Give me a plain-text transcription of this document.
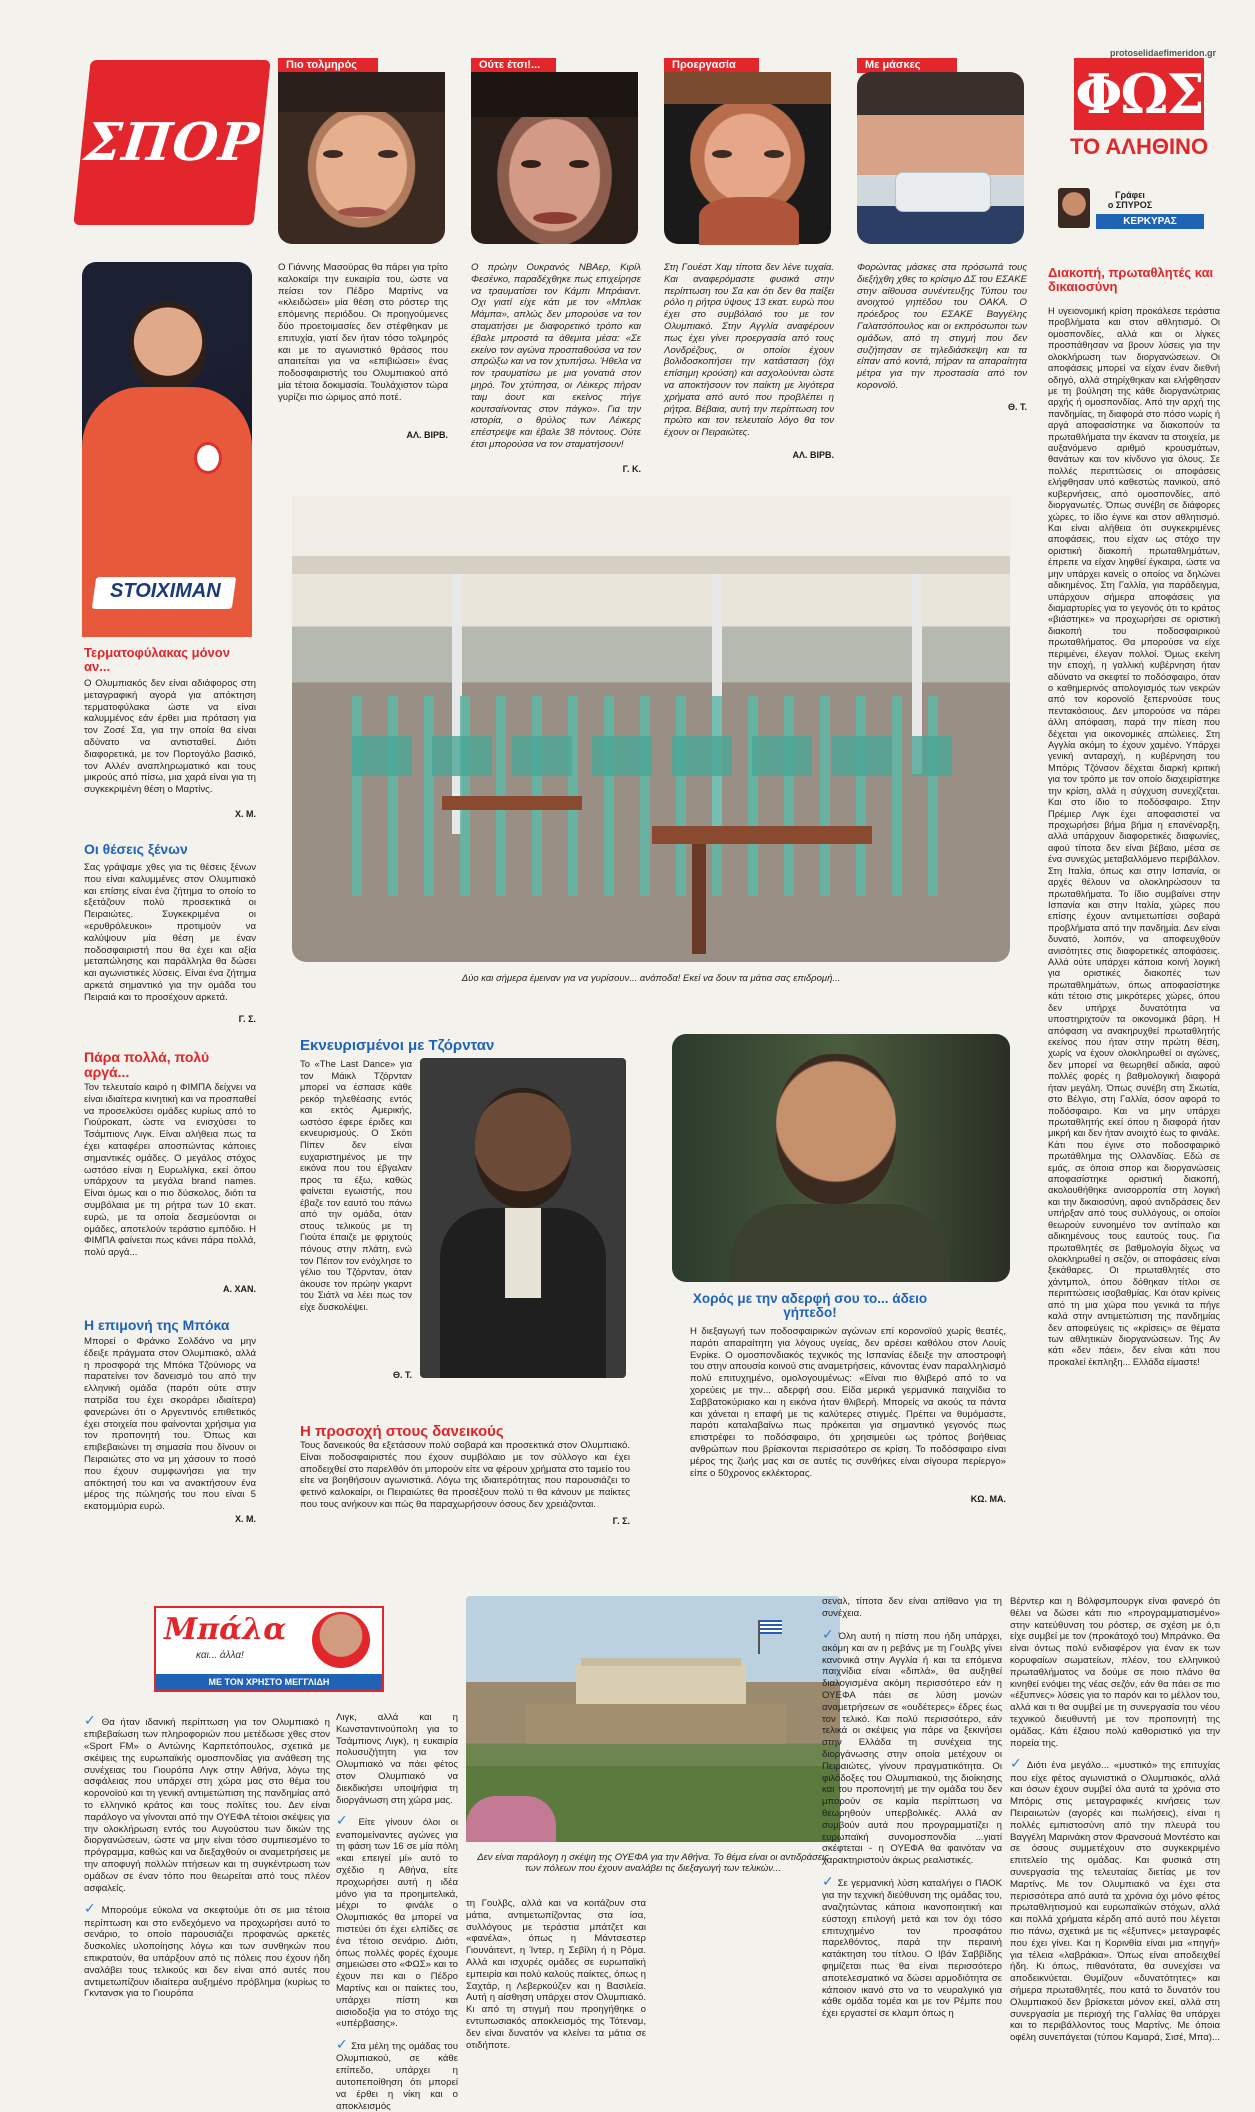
protoselidaefimeridon.gr
ΣΠΟΡ
Πιο τολμηρός	Ούτε έτσι!...	Προεργασία	Με μάσκες	ΦΩΣ
ΤΟ ΑΛΗΘΙΝΟ
Γράφει
ο ΣΠΥΡΟΣ
ΚΕΡΚΥΡΑΣ
Διακοπή, πρωταθλητές και δικαιοσύνη
Η υγειονομική κρίση προκάλεσε τεράστια προβλήματα και στον αθλητισμό. Οι ομοσπονδίες, αλλά και οι λίγκες προσπάθησαν να βρουν λύσεις για την ολοκλήρωση των διοργανώσεων. Οι αποφάσεις μπορεί να είχαν έναν διεθνή οδηγό, αλλά στηρίχθηκαν και ελήφθησαν με τη βούληση της κάθε διοργανώτριας αρχής ή ομοσπονδίας. Από την αρχή της πανδημίας, τη διαφορά στο πόσο νωρίς ή αργά αποφασίστηκε να διακοπούν τα πρωταθλήματα την έκαναν τα στοιχεία, με αυξανόμενο αριθμό κρουσμάτων, θανάτων και τον κίνδυνο για όλους. Σε πολλές περιπτώσεις οι αποφάσεις ελήφθησαν υπό καθεστώς πανικού, από κυβερνήσεις, από ομοσπονδίες, από διοργανωτές. Όπως συνέβη σε διάφορες χώρες, το ίδιο έγινε και στον αθλητισμό. Και είναι αλήθεια ότι συγκεκριμένες αποφάσεις, που είχαν ως στόχο την οριστική διακοπή πρωταθλημάτων, έπρεπε να είχαν ληφθεί έγκαιρα, ώστε να μην υπάρχει κανείς ο οποίος να δηλώνει αδικημένος. Στη Γαλλία, για παράδειγμα, υπάρχουν σήμερα αποφάσεις για διαμαρτυρίες για το γεγονός ότι το κράτος «βιάστηκε» να προχωρήσει σε οριστική διακοπή του ποδοσφαιρικού πρωταθλήματος. Θα μπορούσε να είχε περιμένει, έλεγαν πολλοί. Όμως εκείνη την εποχή, η γαλλική κυβέρνηση ήταν αδύνατο να σκεφτεί το ποδόσφαιρο, όταν ο καθημερινός απολογισμός των νεκρών από τον κορονοϊό ξεπερνούσε τους πεντακόσιους. Δεν μπορούσε να πάρει άλλη απόφαση, παρά την πίεση που δέχεται για οικονομικές απώλειες. Στη Αγγλία ακόμη το έχουν χαμένο. Υπάρχει γενική ανταραχή, η κυβέρνηση του Μπόρις Τζόνσον δέχεται διαρκή κριτική για τον τρόπο με τον οποίο διαχειρίστηκε την κρίση, αλλά η σύγχυση συνεχίζεται. Και στο ίδιο το ποδόσφαιρο. Στην Πρέμιερ Λιγκ έχει αποφασιστεί να προχωρήσει βήμα βήμα η επανέναρξη, αλλά υπάρχουν διαφορετικές διαφωνίες, αφού τίποτα δεν είναι βέβαιο, μέσα σε ένα συνεχώς μεταβαλλόμενο περιβάλλον. Στη Ιταλία, όπως και στην Ισπανία, οι αρχές θέλουν να ολοκληρώσουν τα πρωταθλήματα. Το ίδιο συμβαίνει στην Ισπανία και στην Ιταλία, χώρες που επίσης έχουν αντιμετωπίσει σοβαρά προβλήματα από την πανδημία. Δεν είναι δυνατό, λοιπόν, να αποφευχθούν ανισότητες στις διαφορετικές αποφάσεις. Αλλά ούτε υπάρχει κάποια κοινή λογική για οριστικές διακοπές των πρωταθλημάτων, όπως αποφασίστηκε κάτι τέτοιο στις μικρότερες χώρες, όπου δεν υπήρχε δυνατότητα να υποστηριχτούν τα οικονομικά βάρη. Η απόφαση να ανακηρυχθεί πρωταθλητής εκείνος που ήταν στην πρώτη θέση, χωρίς να έχουν ολοκληρωθεί οι αγώνες, δεν μπορεί να θεωρηθεί αδικία, αφού πολλές φορές η βαθμολογική διαφορά ήταν μεγάλη. Όπως συνέβη στη Σκωτία, στο Βέλγιο, στη Γαλλία, όσον αφορά το ποδόσφαιρο. Και να μην υπάρχει πρωταθλητής εκεί όπου η διαφορά ήταν μικρή και δεν ήταν ανοιχτό έως το φινάλε. Κάτι που έγινε στο ποδοσφαιρικό πρωτάθλημα της Ολλανδίας. Εδώ σε εμάς, σε όποια σπορ και διοργανώσεις αποφασίστηκε οριστική διακοπή, ακολουθήθηκε ανισορροπία στη λογική και την δικαιοσύνη, αφού αντιδράσεις δεν υπήρξαν από τους συλλόγους, οι οποίοι θεωρούν ευνοημένο τον αντίπαλο και αδικημένους τους εαυτούς τους. Για πρωταθλητές σε βαθμολογία δίχως να ολοκληρωθεί η σεζόν, οι αποφάσεις είναι ξεκάθαρες. Οι πρωταθλητές στο χάντμπολ, όπου δόθηκαν τίτλοι σε περιπτώσεις ισοβαθμίας. Και όταν κρίνεις από τη μια χώρα που γενικά τα πήγε καλά στην αντιμετώπιση της πανδημίας δεν αποφεύγεις τις «κρίσεις» σε θέματα των αθλητικών διοργανώσεων. Της Αν κάτι «δεν πάει», δεν είναι κάτι που προκαλεί έκπληξη... Ελλάδα είμαστε!
STOIXIMAN
Τερματοφύλακας μόνον αν...
Ο Ολυμπιακός δεν είναι αδιάφορος στη μεταγραφική αγορά για απόκτηση τερματοφύλακα ώστε να είναι καλυμμένος εάν έρθει μια πρόταση για τον Ζοσέ Σα, για την οποία θα είναι αδύνατο να αντισταθεί. Διότι διαφορετικά, με τον Πορτογάλο βασικό, τον Αλλέν αναπληρωματικό και τους μικρούς από πίσω, μια χαρά είναι για τη συγκεκριμένη θέση ο Μαρτίνς.
Χ. Μ.
Οι θέσεις ξένων
Σας γράψαμε χθες για τις θέσεις ξένων που είναι καλυμμένες στον Ολυμπιακό και επίσης είναι ένα ζήτημα το οποίο το εξετάζουν πολύ προσεκτικά οι Πειραιώτες. Συγκεκριμένα οι «ερυθρόλευκοι» προτιμούν να καλύψουν μία θέση με έναν ποδοσφαιριστή που θα έχει και αξία μεταπώλησης και παράλληλα θα δώσει και αγωνιστικές λύσεις. Είναι ένα ζήτημα αρκετά σημαντικό για την ομάδα του Πειραιά και το προσέχουν αρκετά.
Γ. Σ.
Πάρα πολλά, πολύ αργά...
Τον τελευταίο καιρό η ΦΙΜΠΑ δείχνει να είναι ιδιαίτερα κινητική και να προσπαθεί να προσελκύσει ομάδες κυρίως από το Γιούροκαπ, ώστε να ενισχύσει το Τσάμπιονς Λιγκ. Είναι αλήθεια πως τα έχει καταφέρει αποσπώντας κάποιες σημαντικές ομάδες. Ο μεγάλος στόχος ωστόσο είναι η Ευρωλίγκα, εκεί όπου υπάρχουν τα μεγάλα brand names. Είναι όμως και ο πιο δύσκολος, διότι τα συμβόλαια με τη ρήτρα των 10 εκατ. ευρώ, με τα οποία δεσμεύονται οι ομάδες, αποτελούν τεράστιο εμπόδιο. Η ΦΙΜΠΑ φαίνεται πως κάνει πάρα πολλά, πολύ αργά...
Α. ΧΑΝ.
Η επιμονή της Μπόκα
Μπορεί ο Φράνκο Σολδάνο να μην έδειξε πράγματα στον Ολυμπιακό, αλλά η προσφορά της Μπόκα Τζούνιορς να παρατείνει τον δανεισμό του από την ελληνική ομάδα (παρότι ούτε στην πατρίδα του έχει σκοράρει ιδιαίτερα) φανερώνει ότι ο Αργεντινός επιθετικός έχει στοιχεία που φαίνονται χρήσιμα για τον προπονητή του. Όπως και επιβεβαιώνει τη σημασία που δίνουν οι Πειραιώτες στο να μη χάσουν το ποσό που έχουν συμφωνήσει για την απόκτησή του και να ανακτήσουν ένα μέρος της πώλησής του που είναι 5 εκατομμύρια ευρώ.
Χ. Μ.
Ο Γιάννης Μασούρας θα πάρει για τρίτο καλοκαίρι την ευκαιρία του, ώστε να πείσει τον Πέδρο Μαρτίνς να «κλειδώσει» μία θέση στο ρόστερ της επόμενης περιόδου. Οι προηγούμενες δύο προετοιμασίες δεν στέφθηκαν με επιτυχία, γιατί δεν ήταν τόσο τολμηρός και με το αγωνιστικό θράσος που απαιτείται για να «επιβιώσει» ένας ποδοσφαιριστής του Ολυμπιακού από μία τέτοια δοκιμασία. Τουλάχιστον τώρα γυρίζει πιο ώριμος από ποτέ.
ΑΛ. ΒΙΡΒ.
Ο πρώην Ουκρανός ΝΒΑερ, Κιρίλ Φεσένκο, παραδέχθηκε πως επιχείρησε να τραυματίσει τον Κάμπι Μπράιαντ. Οχι γιατί είχε κάτι με τον «Μπλακ Μάμπα», απλώς δεν μπορούσε να τον σταματήσει με διαφορετικό τρόπο και έβαλε μπροστά τα άθεμιτα μέσα: «Σε εκείνο τον αγώνα προσπαθούσα να τον σπρώξω και να τον χτυπήσω. Ήθελα να τον τραυματίσω με μια γονατιά στον μηρό. Τον χτύπησα, οι Λέικερς πήραν ταιμ άουτ και εκείνος πήγε κουτσαίνοντας στον πάγκο». Για την ιστορία, ο θρύλος των Λέικερς επέστρεψε και έβαλε 38 πόντους. Ούτε έτσι μπορούσα να τον σταματήσουν!
Γ. Κ.
Στη Γουέστ Χαμ τίποτα δεν λένε τυχαία. Και αναφερόμαστε φυσικά στην περίπτωση του Σα και ότι δεν θα παίξει ρόλο η ρήτρα ύψους 13 εκατ. ευρώ που έχει στο συμβόλαιό του με τον Ολυμπιακό. Στην Αγγλία αναφέρουν πως έχει γίνει προεργασία από τους Λονδρέζους, οι οποίοι έχουν βολιδοσκοπήσει την κατάσταση (όχι επίσημη κρούση) και ασχολούνται ώστε να αποκτήσουν τον παίκτη με λιγότερα χρήματα από αυτό που προβλέπει η ρήτρα. Βέβαια, αυτή την περίπτωση τον πρώτο και τον τελευταίο λόγο θα τον έχουν οι Πειραιώτες.
ΑΛ. ΒΙΡΒ.
Φορώντας μάσκες στα πρόσωπά τους διεξήχθη χθες το κρίσιμο ΔΣ του ΕΣΑΚΕ στην αίθουσα συνέντευξης Τύπου του ανοιχτού γηπέδου του ΟΑΚΑ. Ο πρόεδρος του ΕΣΑΚΕ Βαγγέλης Γαλατσόπουλος και οι εκπρόσωποι των ομάδων, από τη στιγμή που δεν συζήτησαν σε τηλεδιάσκεψη και τα είπαν από κοντά, πήραν τα απαραίτητα μέτρα για την προστασία από τον κορονοϊό.
Θ. Τ.
Δύο και σήμερα έμειναν για να γυρίσουν... ανάποδα! Εκεί να δουν τα μάτια σας επιδρομή...
Εκνευρισμένοι με Τζόρνταν
Το «The Last Dance» για τον Μάικλ Τζόρνταν μπορεί να έσπασε κάθε ρεκόρ τηλεθέασης εντός και εκτός Αμερικής, ωστόσο έφερε έριδες και εκνευρισμούς. Ο Σκότι Πίπεν δεν είναι ευχαριστημένος με την εικόνα που του έβγαλαν προς τα έξω, καθώς φαίνεται εγωιστής, που έβαζε τον εαυτό του πάνω από την ομάδα, όταν στους τελικούς με τη Γιούτα έπαιζε με φριχτούς πόνους στην πλάτη, ενώ τον Πέιτον τον ενόχλησε το γέλιο του Τζόρνταν, όταν άκουσε τον πρώην γκαρντ του Σιάτλ να λέει πως τον είχε δυσκολέψει.
Θ. Τ.
Χορός με την αδερφή σου το... άδειο γήπεδο!
Η διεξαγωγή των ποδοσφαιρικών αγώνων επί κορονοϊού χωρίς θεατές, παρότι απαραίτητη για λόγους υγείας, δεν αρέσει καθόλου στον Λουίς Ενρίκε. Ο ομοσπονδιακός τεχνικός της Ισπανίας έδειξε την αποστροφή του στην απουσία κοινού στις αναμετρήσεις, κάνοντας έναν παραλληλισμό πολύ επιτυχημένο, ομολογουμένως: «Είναι πιο θλιβερό από το να χορεύεις με την... αδερφή σου. Είδα μερικά γερμανικά παιχνίδια το Σαββατοκύριακο και η εικόνα ήταν θλιβερή. Μπορείς να ακούς τα πάντα και χάνεται η επαφή με τις καλύτερες στιγμές. Πρέπει να θυμόμαστε, παρότι καταλαβαίνω πως πρόκειται για σημαντικό γεγονός πως επιστρέφει το ποδόσφαιρο, ότι χρησιμεύει ως τρόπος βοήθειας ανθρώπων που βρίσκονται περισσότερο σε κρίση. Το ποδόσφαιρο είναι μέρος της ζωής μας και σε αυτές τις συνθήκες είναι σίγουρα περίεργο» είπε ο 50χρονος εκλέκτορας.
ΚΩ. ΜΑ.
Η προσοχή στους δανεικούς
Τους δανεικούς θα εξετάσουν πολύ σοβαρά και προσεκτικά στον Ολυμπιακό. Είναι ποδοσφαιριστές που έχουν συμβόλαιο με τον σύλλογο και έχει αποδειχθεί στο παρελθόν ότι μπορούν είτε να φέρουν χρήματα στο ταμείο του είτε να βοηθήσουν αγωνιστικά. Λόγω της ιδιαιτερότητας που παρουσιάζει το φετινό καλοκαίρι, οι Πειραιώτες θα προσέξουν πολύ τι θα κάνουν με παίκτες που τους ανήκουν και πώς θα παραχωρήσουν όσους δεν χρειάζονται.
Γ. Σ.
Μπάλα
και... άλλα!
ΜΕ ΤΟΝ ΧΡΗΣΤΟ ΜΕΓΓΛΙΔΗ

✓ Θα ήταν ιδανική περίπτωση για τον Ολυμπιακό η επιβεβαίωση των πληροφοριών που μετέδωσε χθες στον «Sport FM» ο Αντώνης Καρπετόπουλος, σχετικά με σκέψεις της ευρωπαϊκής ομοσπονδίας για ανάθεση της συνέχειας του Γιουρόπα Λιγκ στην Αθήνα, λόγω της ασφάλειας που υπάρχει στη χώρα μας στο θέμα του κορονοϊού και τη γενική αντιμετώπιση της πανδημίας από το ελληνικό κράτος και τους πολίτες του. Δεν είναι παράλογο να γίνονται από την ΟΥΕΦΑ τέτοιοι σκέψεις για την ολοκλήρωση εντός του Αυγούστου των δικών της διοργανώσεων, ώστε να μην είναι τόσο συμπιεσμένο το πρόγραμμα, καθώς και να διεξαχθούν οι αναμετρήσεις με την αποφυγή πολλών πτήσεων και τη συγκέντρωση των ομάδων σε έναν τόπο που θεωρείται από τους πλέον ασφαλείς.

✓ Μπορούμε εύκολα να σκεφτούμε ότι σε μια τέτοια περίπτωση και στο ενδεχόμενο να προχωρήσει αυτό το σενάριο, το οποίο παρουσιάζει προφανώς αρκετές δυσκολίες υλοποίησης λόγω και των συνθηκών που επικρατούν, θα υπάρξουν από τις πόλεις που έχουν ήδη αναλάβει τους τελικούς και δεν είναι από αυτές που αντιμετωπίζουν ιδιαίτερα αυξημένο πρόβλημα (κυρίως το Γκντανσκ για το Γιουρόπα

Λιγκ, αλλά και η Κωνσταντινούπολη για το Τσάμπιονς Λιγκ), η ευκαιρία πολυσυζήτητη για τον Ολυμπιακό να πάει φέτος στον Ολυμπιακό να διεκδικήσει υποψήφια τη διοργάνωση στη χώρα μας.

✓ Είτε γίνουν όλοι οι εναπομείναντες αγώνες για τη φάση των 16 σε μία πόλη «και επειγεί μί» αυτό το σχέδιο η Αθήνα, είτε προχωρήσει αυτή η ιδέα μόνο για τα προημιτελικά, μέχρι το φινάλε ο Ολυμπιακός θα μπορεί να πιστεύει ότι έχει ελπίδες σε ένα τέτοιο σενάριο. Διότι, όπως πολλές φορές έχουμε σημειώσει στο «ΦΩΣ» και το έχουν πει και ο Πέδρο Μαρτίνς και οι παίκτες του, υπάρχει πίστη και αισιοδοξία για το στόχο της «υπέρβασης».

✓ Στα μέλη της ομάδας του Ολυμπιακού, σε κάθε επίπεδο, υπάρχει η αυτοπεποίθηση ότι μπορεί να έρθει η νίκη και ο αποκλεισμός

Δεν είναι παράλογη η σκέψη της ΟΥΕΦΑ για την Αθήνα. Το θέμα είναι οι αντιδράσεις των πόλεων που έχουν αναλάβει τις διεξαγωγή των τελικών...

τη Γουλβς, αλλά και να κοιτάζουν στα μάτια, αντιμετωπίζοντας στα ίσα, συλλόγους με τεράστια μπάτζετ και «φανέλα», όπως η Μάντσεστερ Γιουνάιτεντ, η Ίντερ, η Σεβίλη ή η Ρόμα. Αλλά και ισχυρές ομάδες σε ευρωπαϊκή εμπειρία και πολύ καλούς παίκτες, όπως η Σαχτάρ, η Λεβερκούζεν και η Βασιλεία. Αυτή η αίσθηση υπάρχει στον Ολυμπιακό. Κι από τη στιγμή που προηγήθηκε ο εντυπωσιακός αποκλεισμός της Τότεναμ, δεν είναι δυνατόν να κλείνει τα μάτια σε οτιδήποτε.

σεναλ, τίποτα δεν είναι απίθανο για τη συνέχεια.

✓ Όλη αυτή η πίστη που ήδη υπάρχει, ακόμη και αν η ρεβάνς με τη Γουλβς γίνει κανονικά στην Αγγλία ή και τα επόμενα παιχνίδια είναι «διπλά», θα αυξηθεί διαλογισμένα ακόμη περισσότερο εάν η ΟΥΕΦΑ πάει σε λύση μονών αναμετρήσεων σε «ουδέτερες» έδρες έως τον τελικό. Και πολύ περισσότερο, εάν τελικά οι σκέψεις για πάρε να ξεκινήσει στην Ελλάδα τη συνέχεια της διοργάνωσης στην οποία μετέχουν οι Πειραιώτες, γίνουν πραγματικότητα. Οι φιλόδοξες του Ολυμπιακού, της διοίκησης και του προπονητή με την ομάδα του δεν μπορούν σε καμία περίπτωση να θεωρηθούν υπερβολικές. Αλλά αν συμβούν αυτά που προγραμματίζει η ευρωπαϊκή συνομοσπονδία ...γιατί σκέφτεται - η ΟΥΕΦΑ θα φαινόταν να χαρακτηριστούν άκρως ρεαλιστικές.

✓ Σε γερμανική λύση καταλήγει ο ΠΑΟΚ για την τεχνική διεύθυνση της ομάδας του, αναζητώντας κάποια ικανοποιητική και εύστοχη επιλογή μετά και τον όχι τόσο επιτυχημένο τον προσφάτου παρελθόντος, παρά την περαινή κατάκτηση του τίτλου. Ο Ιβάν Σαββίδης φημίζεται πως θα είναι περισσότερο αποτελεσματικό να δώσει αρμοδιότητα σε κάποιον ικανό στο να το νευραλγικό για κάθε ομάδα τομέα και με τον Ρέμπε που έχει εργαστεί σε κλαμπ όπως η

Βέρντερ και η Βόλφσμπουργκ είναι φανερό ότι θέλει να δώσει κάτι πιο «προγραμματισμένο» στην κατεύθυνση του ρόστερ, σε σχέση με ό,τι είχε συμβεί με τον (προκάτοχό του) Μπράνκο. Θα είναι όντως πολύ ενδιαφέρον για έναν εκ των κορυφαίων σωματείων, πλέον, του ελληνικού πρωταθλήματος να δούμε σε ποιο πλάνο θα κινηθεί ενόψει της νέας σεζόν, εάν θα πάει σε πιο «έξυπνες» λύσεις για το παρόν και το μέλλον του, αλλά και τι θα συμβεί με τη συνεργασία του νέου τεχνικού διευθυντή με τον προπονητή της ομάδας. Κάτι έξαιου πολύ καθοριστικό για την πορεία της.

✓ Διότι ένα μεγάλο... «μυστικό» της επιτυχίας που είχε φέτος αγωνιστικά ο Ολυμπιακός, αλλά και όσων έχουν συμβεί όλα αυτά τα χρόνια στο Μπόρις στις μεταγραφικές κινήσεις των Πειραιωτών (αγορές και πωλήσεις), είναι η πολλές εμπιστοσύνη από την πλευρά του Βαγγέλη Μαρινάκη στον Φρανσουά Μοντέστο και σε όσους συμμετέχουν στο συγκεκριμένο επιτελείο της ομάδας. Και φυσικά στη συνεργασία της τελευταίας διετίας με τον Μαρτίνς. Με τον Ολυμπιακό να έχει στα περισσότερα από αυτά τα χρόνια όχι μόνο φέτος πρωταθλητισμού και ευρωπαϊκών στόχων, αλλά και πολλά χρήματα κέρδη από αυτό που λέγεται πιο πάνω, σχετικά με τις «έξυπνες» μεταγραφές που έχει γίνει. Και η Κορινθία είναι μια «πηγή» για τέλεια «λαβράκια». Όπως είναι αποδειχθεί ήδη. Κι όπως, πιθανότατα, θα συνεχίσει να αποδεικνύεται. Θυμίζουν «δυνατότητες» και σήμερα πρωταθλητές, που κατά το δυνατόν του Ολυμπιακού δεν βρίσκεται μόνον εκεί, αλλά στη συνεργασία με περιοχή της Γαλλίας θα υπάρχει και το περιβάλλοντος τους Μαρτίνς. Με όποια οφέλη συνεπάγεται (τύπου Καμαρά, Σισέ, Μπα)...
